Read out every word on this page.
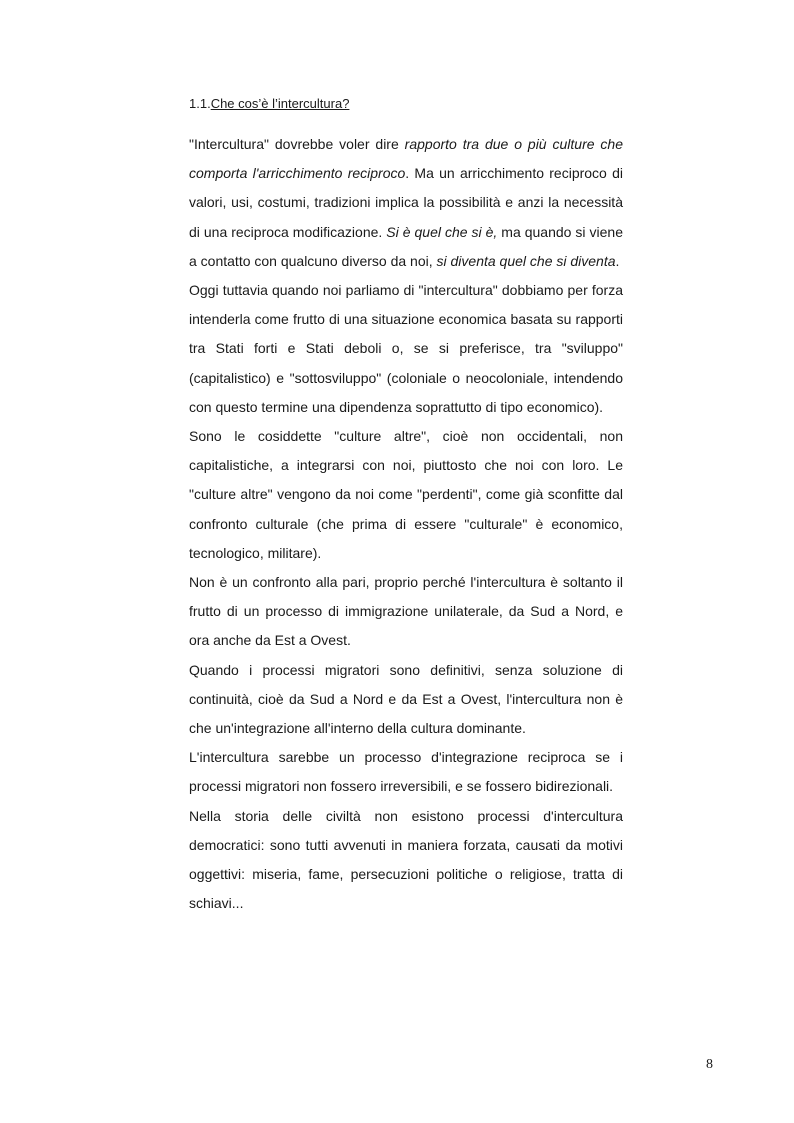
1.1.Che cos’è l’intercultura?

"Intercultura" dovrebbe voler dire rapporto tra due o più culture che comporta l'arricchimento reciproco. Ma un arricchimento reciproco di valori, usi, costumi, tradizioni implica la possibilità e anzi la necessità di una reciproca modificazione. Si è quel che si è, ma quando si viene a contatto con qualcuno diverso da noi, si diventa quel che si diventa.

Oggi tuttavia quando noi parliamo di "intercultura" dobbiamo per forza intenderla come frutto di una situazione economica basata su rapporti tra Stati forti e Stati deboli o, se si preferisce, tra "sviluppo" (capitalistico) e "sottosviluppo" (coloniale o neocoloniale, intendendo con questo termine una dipendenza soprattutto di tipo economico).

Sono le cosiddette "culture altre", cioè non occidentali, non capitalistiche, a integrarsi con noi, piuttosto che noi con loro. Le "culture altre" vengono da noi come "perdenti", come già sconfitte dal confronto culturale (che prima di essere "culturale" è economico, tecnologico, militare).

Non è un confronto alla pari, proprio perché l'intercultura è soltanto il frutto di un processo di immigrazione unilaterale, da Sud a Nord, e ora anche da Est a Ovest.

Quando i processi migratori sono definitivi, senza soluzione di continuità, cioè da Sud a Nord e da Est a Ovest, l'intercultura non è che un'integrazione all'interno della cultura dominante.

L'intercultura sarebbe un processo d'integrazione reciproca se i processi migratori non fossero irreversibili, e se fossero bidirezionali.

Nella storia delle civiltà non esistono processi d'intercultura democratici: sono tutti avvenuti in maniera forzata, causati da motivi oggettivi: miseria, fame, persecuzioni politiche o religiose, tratta di schiavi...

8
